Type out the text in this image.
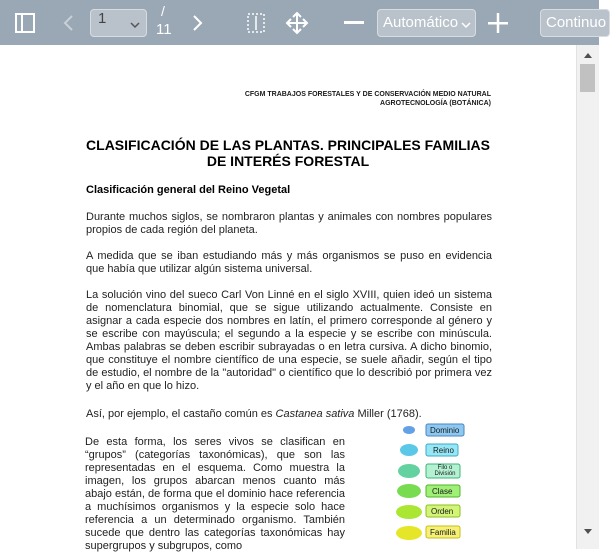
1	/
11	Automático	Continuo
CFGM TRABAJOS FORESTALES Y DE CONSERVACIÓN MEDIO NATURAL
AGROTECNOLOGÍA (BOTÁNICA)
CLASIFICACIÓN DE LAS PLANTAS. PRINCIPALES FAMILIAS
DE INTERÉS FORESTAL
Clasificación general del Reino Vegetal
Durante muchos siglos, se nombraron plantas y animales con nombres populares propios de cada región del planeta.
A medida que se iban estudiando más y más organismos se puso en evidencia que había que utilizar algún sistema universal.
La solución vino del sueco Carl Von Linné en el siglo XVIII, quien ideó un sistema de nomenclatura binomial, que se sigue utilizando actualmente. Consiste en asignar a cada especie dos nombres en latín, el primero corresponde al género y se escribe con mayúscula; el segundo a la especie y se escribe con minúscula. Ambas palabras se deben escribir subrayadas o en letra cursiva. A dicho binomio, que constituye el nombre científico de una especie, se suele añadir, según el tipo de estudio, el nombre de la "autoridad" o científico que lo describió por primera vez y el año en que lo hizo.
Así, por ejemplo, el castaño común es Castanea sativa Miller (1768).
De esta forma, los seres vivos se clasifican en “grupos” (categorías taxonómicas), que son las representadas en el esquema. Como muestra la imagen, los grupos abarcan menos cuanto más abajo están, de forma que el dominio hace referencia a muchísimos organismos y la especie solo hace referencia a un determinado organismo. También sucede que dentro las categorías taxonómicas hay supergrupos y subgrupos, como
Dominio
Reino
Filo o División
Clase
Orden
Familia
